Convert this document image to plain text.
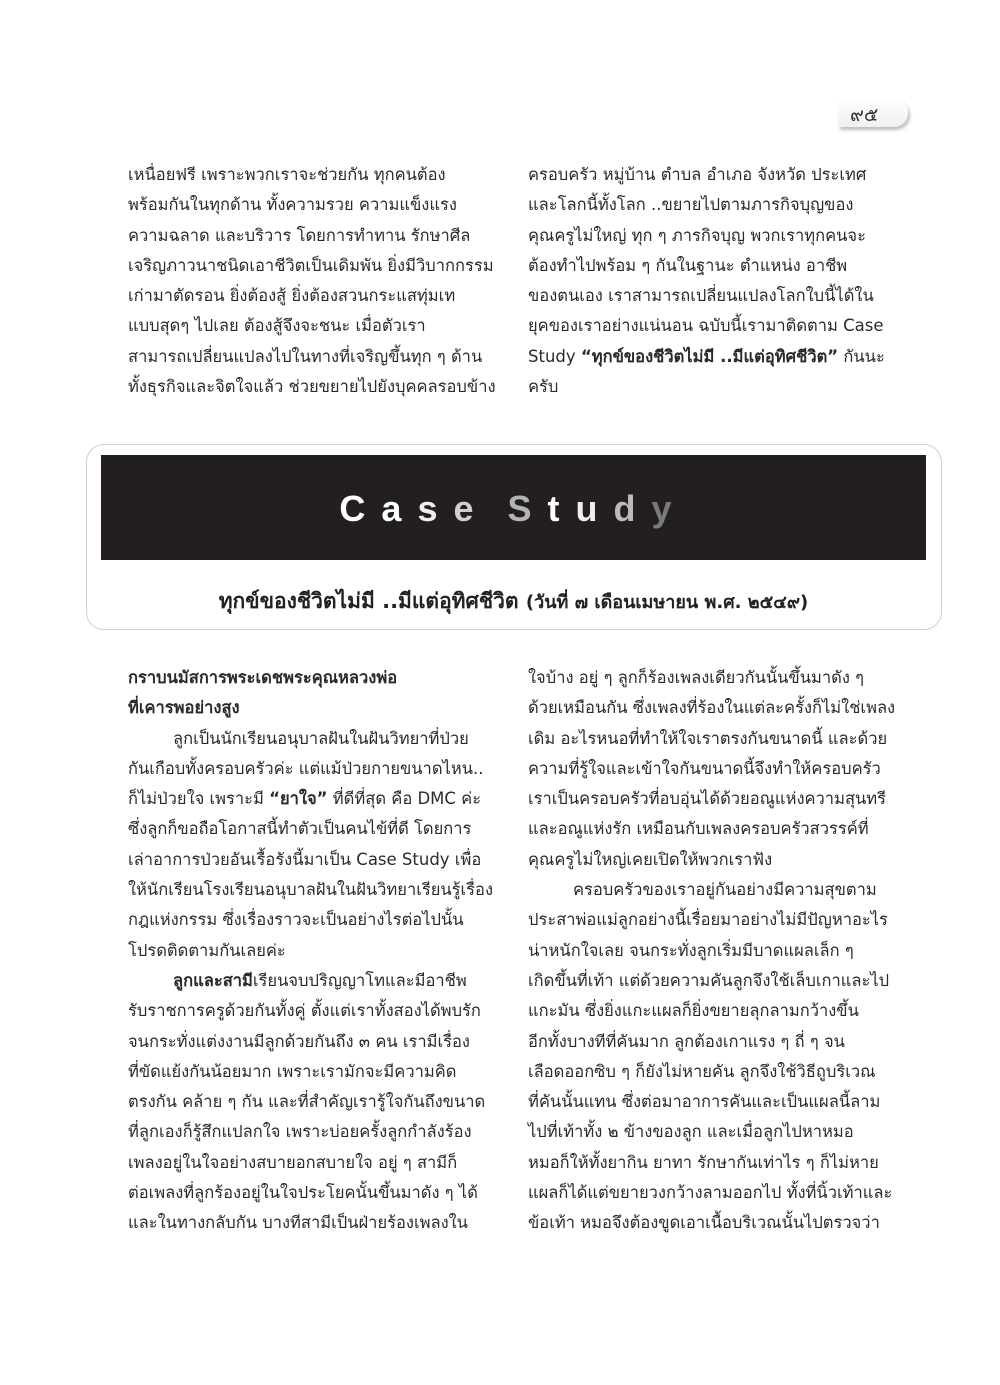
๙๕
เหนื่อยฟรี เพราะพวกเราจะช่วยกัน ทุกคนต้อง
พร้อมกันในทุกด้าน ทั้งความรวย ความแข็งแรง
ความฉลาด และบริวาร โดยการทำทาน รักษาศีล
เจริญภาวนาชนิดเอาชีวิตเป็นเดิมพัน ยิ่งมีวิบากกรรม
เก่ามาตัดรอน ยิ่งต้องสู้ ยิ่งต้องสวนกระแสทุ่มเท
แบบสุดๆ ไปเลย ต้องสู้จึงจะชนะ เมื่อตัวเรา
สามารถเปลี่ยนแปลงไปในทางที่เจริญขึ้นทุก ๆ ด้าน
ทั้งธุรกิจและจิตใจแล้ว ช่วยขยายไปยังบุคคลรอบข้าง
ครอบครัว หมู่บ้าน ตำบล อำเภอ จังหวัด ประเทศ
และโลกนี้ทั้งโลก ..ขยายไปตามภารกิจบุญของ
คุณครูไม่ใหญ่ ทุก ๆ ภารกิจบุญ พวกเราทุกคนจะ
ต้องทำไปพร้อม ๆ กันในฐานะ ตำแหน่ง อาชีพ
ของตนเอง เราสามารถเปลี่ยนแปลงโลกใบนี้ได้ใน
ยุคของเราอย่างแน่นอน ฉบับนี้เรามาติดตาม Case
Study “ทุกข์ของชีวิตไม่มี ..มีแต่อุทิศชีวิต” กันนะ
ครับ
Case Study
ทุกข์ของชีวิตไม่มี ..มีแต่อุทิศชีวิต (วันที่ ๗ เดือนเมษายน พ.ศ. ๒๕๔๙)
กราบนมัสการพระเดชพระคุณหลวงพ่อ
ที่เคารพอย่างสูง
ลูกเป็นนักเรียนอนุบาลฝันในฝันวิทยาที่ป่วย
กันเกือบทั้งครอบครัวค่ะ แต่แม้ป่วยกายขนาดไหน..
ก็ไม่ป่วยใจ เพราะมี “ยาใจ” ที่ดีที่สุด คือ DMC ค่ะ
ซึ่งลูกก็ขอถือโอกาสนี้ทำตัวเป็นคนไข้ที่ดี โดยการ
เล่าอาการป่วยอันเรื้อรังนี้มาเป็น Case Study เพื่อ
ให้นักเรียนโรงเรียนอนุบาลฝันในฝันวิทยาเรียนรู้เรื่อง
กฎแห่งกรรม ซึ่งเรื่องราวจะเป็นอย่างไรต่อไปนั้น
โปรดติดตามกันเลยค่ะ
ลูกและสามีเรียนจบปริญญาโทและมีอาชีพ
รับราชการครูด้วยกันทั้งคู่ ตั้งแต่เราทั้งสองได้พบรัก
จนกระทั่งแต่งงานมีลูกด้วยกันถึง ๓ คน เรามีเรื่อง
ที่ขัดแย้งกันน้อยมาก เพราะเรามักจะมีความคิด
ตรงกัน คล้าย ๆ กัน และที่สำคัญเรารู้ใจกันถึงขนาด
ที่ลูกเองก็รู้สึกแปลกใจ เพราะบ่อยครั้งลูกกำลังร้อง
เพลงอยู่ในใจอย่างสบายอกสบายใจ อยู่ ๆ สามีก็
ต่อเพลงที่ลูกร้องอยู่ในใจประโยคนั้นขึ้นมาดัง ๆ ได้
และในทางกลับกัน บางทีสามีเป็นฝ่ายร้องเพลงใน
ใจบ้าง อยู่ ๆ ลูกก็ร้องเพลงเดียวกันนั้นขึ้นมาดัง ๆ
ด้วยเหมือนกัน ซึ่งเพลงที่ร้องในแต่ละครั้งก็ไม่ใช่เพลง
เดิม อะไรหนอที่ทำให้ใจเราตรงกันขนาดนี้ และด้วย
ความที่รู้ใจและเข้าใจกันขนาดนี้จึงทำให้ครอบครัว
เราเป็นครอบครัวที่อบอุ่นได้ด้วยอณูแห่งความสุนทรี
และอณูแห่งรัก เหมือนกับเพลงครอบครัวสวรรค์ที่
คุณครูไม่ใหญ่เคยเปิดให้พวกเราฟัง
ครอบครัวของเราอยู่กันอย่างมีความสุขตาม
ประสาพ่อแม่ลูกอย่างนี้เรื่อยมาอย่างไม่มีปัญหาอะไร
น่าหนักใจเลย จนกระทั่งลูกเริ่มมีบาดแผลเล็ก ๆ
เกิดขึ้นที่เท้า แต่ด้วยความคันลูกจึงใช้เล็บเกาและไป
แกะมัน ซึ่งยิ่งแกะแผลก็ยิ่งขยายลุกลามกว้างขึ้น
อีกทั้งบางทีที่คันมาก ลูกต้องเกาแรง ๆ ถี่ ๆ จน
เลือดออกซิบ ๆ ก็ยังไม่หายคัน ลูกจึงใช้วิธีถูบริเวณ
ที่คันนั้นแทน ซึ่งต่อมาอาการคันและเป็นแผลนี้ลาม
ไปที่เท้าทั้ง ๒ ข้างของลูก และเมื่อลูกไปหาหมอ
หมอก็ให้ทั้งยากิน ยาทา รักษากันเท่าไร ๆ ก็ไม่หาย
แผลก็ได้แต่ขยายวงกว้างลามออกไป ทั้งที่นิ้วเท้าและ
ข้อเท้า หมอจึงต้องขูดเอาเนื้อบริเวณนั้นไปตรวจว่า
